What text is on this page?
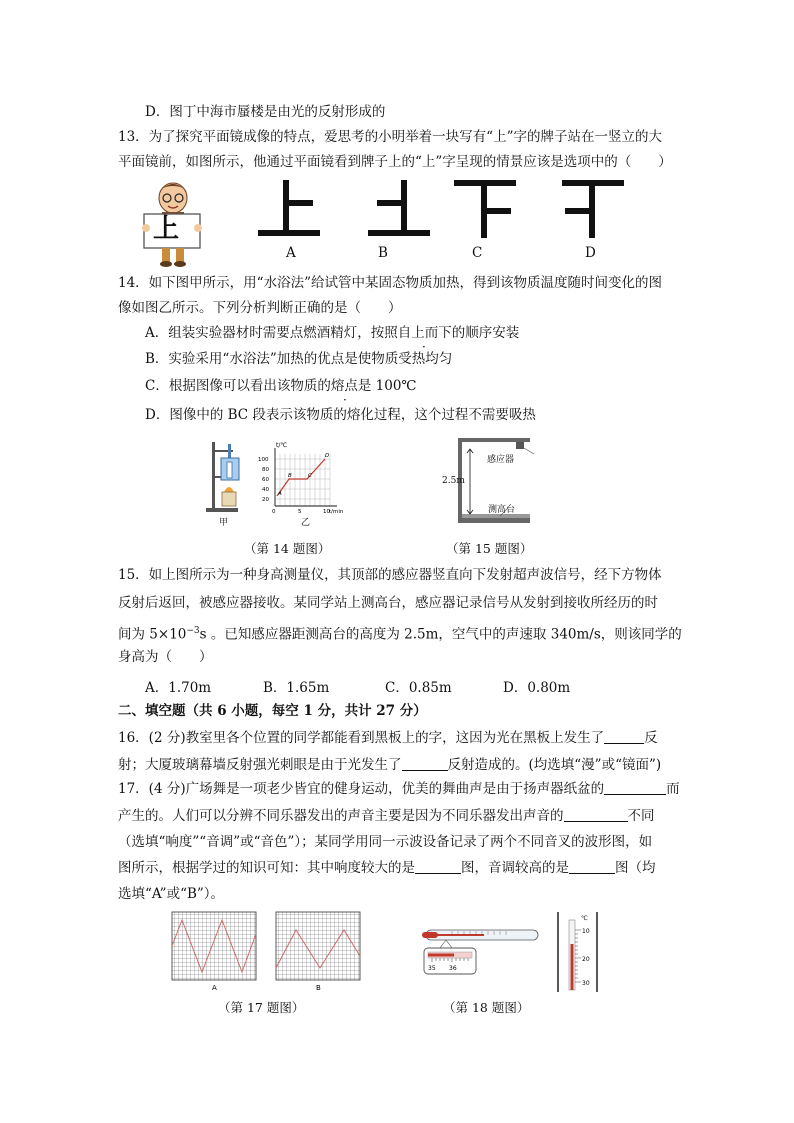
D．图丁中海市蜃楼是由光的反射形成的
13．为了探究平面镜成像的特点，爱思考的小明举着一块写有“上”字的牌子站在一竖立的大
平面镜前，如图所示，他通过平面镜看到牌子上的“上”字呈现的情景应该是选项中的（　　）
上
A	B	C	D
14．如下图甲所示，用“水浴法”给试管中某固态物质加热，得到该物质温度随时间变化的图
像如图乙所示。下列分析判断正确的是（　　）
A．组装实验器材时需要点燃酒精灯，按照自上而下的顺序安装
B．实验采用“水浴法”加热的优点是使物质受热均匀
C．根据图像可以看出该物质的熔点是 100℃
D．图像中的 BC 段表示该物质的熔化过程，这个过程不需要吸热
甲
t/℃
100
80
60
40
20
0	5	10 t/min
A
B	C
D
乙
（第 14 题图）
感应器
2.5m
测高台
（第 15 题图）
15．如上图所示为一种身高测量仪，其顶部的感应器竖直向下发射超声波信号，经下方物体
反射后返回，被感应器接收。某同学站上测高台，感应器记录信号从发射到接收所经历的时
间为 $5\times 10^{-3}s$ 。已知感应器距测高台的高度为 2.5m，空气中的声速取 340m/s，则该同学的
身高为（　　）
A．1.70m	B．1.65m	C．0.85m	D．0.80m
二、填空题（共 6 小题，每空 1 分，共计 27 分）
16．(2 分)教室里各个位置的同学都能看到黑板上的字，这因为光在黑板上发生了	反
射；大厦玻璃幕墙反射强光刺眼是由于光发生了	反射造成的。(均选填“漫”或“镜面”)
17．(4 分)广场舞是一项老少皆宜的健身运动，优美的舞曲声是由于扬声器纸盆的	而
产生的。人们可以分辨不同乐器发出的声音主要是因为不同乐器发出声音的	不同
（选填“响度”“音调”或“音色”）；某同学用同一示波设备记录了两个不同音叉的波形图，如
图所示，根据学过的知识可知：其中响度较大的是	图，音调较高的是	图（均
选填“A”或“B”）。
A	B
（第 17 题图）
35 36
℃
10
20
30
（第 18 题图）
